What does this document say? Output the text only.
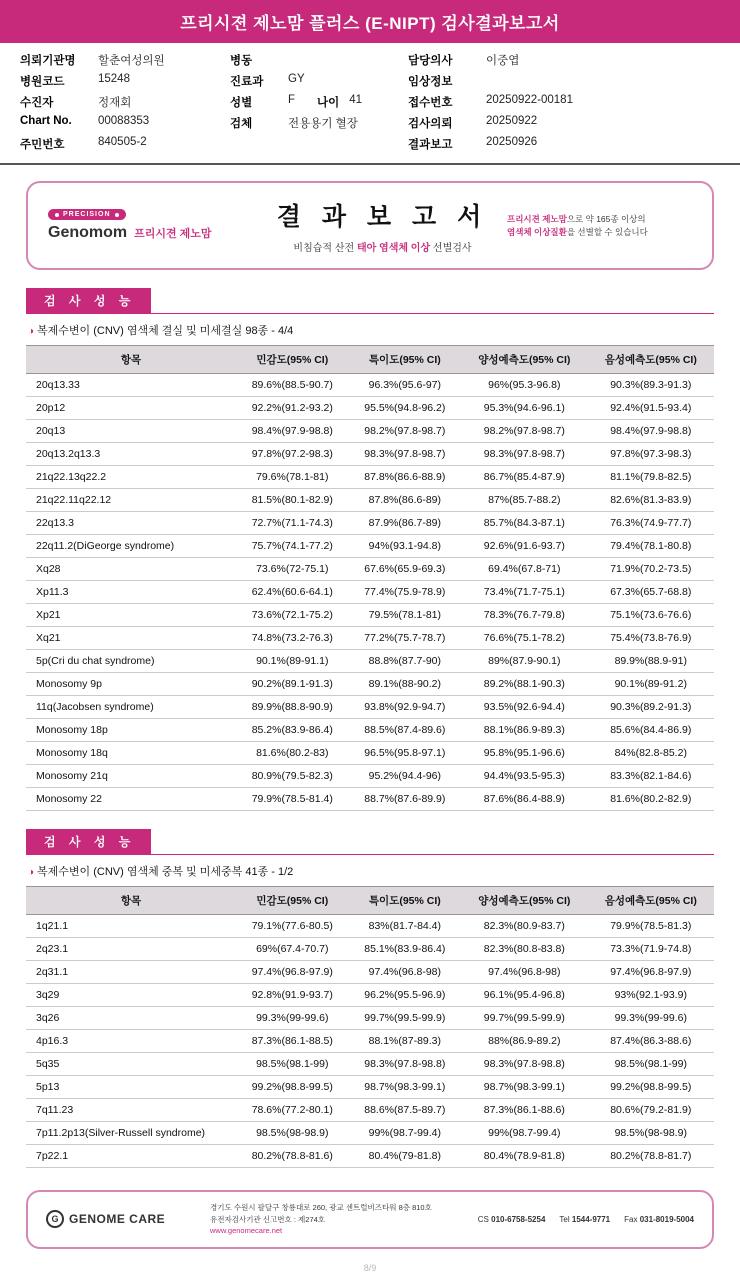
프리시젼 제노맘 플러스 (E-NIPT) 검사결과보고서
의뢰기관명	할춘여성의원	병동	담당의사	이중엽
병원코드	15248	진료과	GY	임상정보
수진자	정재회	성별	F 나이 41	접수번호	20250922-00181
Chart No.	00088353	검체	전용용기 혈장	검사의뢰	20250922
주민번호	840505-2	결과보고	20250926
PRECISION
Genomom 프리시젼 제노맘
결 과 보 고 서
비침습적 산전 태아 염색체 이상 선별검사
프리시젼 제노맘으로 약 165종 이상의
염색체 이상질환을 선별할 수 있습니다
검 사 성 능
◑ 복제수변이 (CNV) 염색체 결실 및 미세결실 98종 - 4/4
항목	민감도(95% CI)	특이도(95% CI)	양성예측도(95% CI)	음성예측도(95% CI)
20q13.33	89.6%(88.5-90.7)	96.3%(95.6-97)	96%(95.3-96.8)	90.3%(89.3-91.3)
20p12	92.2%(91.2-93.2)	95.5%(94.8-96.2)	95.3%(94.6-96.1)	92.4%(91.5-93.4)
20q13	98.4%(97.9-98.8)	98.2%(97.8-98.7)	98.2%(97.8-98.7)	98.4%(97.9-98.8)
20q13.2q13.3	97.8%(97.2-98.3)	98.3%(97.8-98.7)	98.3%(97.8-98.7)	97.8%(97.3-98.3)
21q22.13q22.2	79.6%(78.1-81)	87.8%(86.6-88.9)	86.7%(85.4-87.9)	81.1%(79.8-82.5)
21q22.11q22.12	81.5%(80.1-82.9)	87.8%(86.6-89)	87%(85.7-88.2)	82.6%(81.3-83.9)
22q13.3	72.7%(71.1-74.3)	87.9%(86.7-89)	85.7%(84.3-87.1)	76.3%(74.9-77.7)
22q11.2(DiGeorge syndrome)	75.7%(74.1-77.2)	94%(93.1-94.8)	92.6%(91.6-93.7)	79.4%(78.1-80.8)
Xq28	73.6%(72-75.1)	67.6%(65.9-69.3)	69.4%(67.8-71)	71.9%(70.2-73.5)
Xp11.3	62.4%(60.6-64.1)	77.4%(75.9-78.9)	73.4%(71.7-75.1)	67.3%(65.7-68.8)
Xp21	73.6%(72.1-75.2)	79.5%(78.1-81)	78.3%(76.7-79.8)	75.1%(73.6-76.6)
Xq21	74.8%(73.2-76.3)	77.2%(75.7-78.7)	76.6%(75.1-78.2)	75.4%(73.8-76.9)
5p(Cri du chat syndrome)	90.1%(89-91.1)	88.8%(87.7-90)	89%(87.9-90.1)	89.9%(88.9-91)
Monosomy 9p	90.2%(89.1-91.3)	89.1%(88-90.2)	89.2%(88.1-90.3)	90.1%(89-91.2)
11q(Jacobsen syndrome)	89.9%(88.8-90.9)	93.8%(92.9-94.7)	93.5%(92.6-94.4)	90.3%(89.2-91.3)
Monosomy 18p	85.2%(83.9-86.4)	88.5%(87.4-89.6)	88.1%(86.9-89.3)	85.6%(84.4-86.9)
Monosomy 18q	81.6%(80.2-83)	96.5%(95.8-97.1)	95.8%(95.1-96.6)	84%(82.8-85.2)
Monosomy 21q	80.9%(79.5-82.3)	95.2%(94.4-96)	94.4%(93.5-95.3)	83.3%(82.1-84.6)
Monosomy 22	79.9%(78.5-81.4)	88.7%(87.6-89.9)	87.6%(86.4-88.9)	81.6%(80.2-82.9)
검 사 성 능
◑ 복제수변이 (CNV) 염색체 중복 및 미세중복 41종 - 1/2
항목	민감도(95% CI)	특이도(95% CI)	양성예측도(95% CI)	음성예측도(95% CI)
1q21.1	79.1%(77.6-80.5)	83%(81.7-84.4)	82.3%(80.9-83.7)	79.9%(78.5-81.3)
2q23.1	69%(67.4-70.7)	85.1%(83.9-86.4)	82.3%(80.8-83.8)	73.3%(71.9-74.8)
2q31.1	97.4%(96.8-97.9)	97.4%(96.8-98)	97.4%(96.8-98)	97.4%(96.8-97.9)
3q29	92.8%(91.9-93.7)	96.2%(95.5-96.9)	96.1%(95.4-96.8)	93%(92.1-93.9)
3q26	99.3%(99-99.6)	99.7%(99.5-99.9)	99.7%(99.5-99.9)	99.3%(99-99.6)
4p16.3	87.3%(86.1-88.5)	88.1%(87-89.3)	88%(86.9-89.2)	87.4%(86.3-88.6)
5q35	98.5%(98.1-99)	98.3%(97.8-98.8)	98.3%(97.8-98.8)	98.5%(98.1-99)
5p13	99.2%(98.8-99.5)	98.7%(98.3-99.1)	98.7%(98.3-99.1)	99.2%(98.8-99.5)
7q11.23	78.6%(77.2-80.1)	88.6%(87.5-89.7)	87.3%(86.1-88.6)	80.6%(79.2-81.9)
7p11.2p13(Silver-Russell syndrome)	98.5%(98-98.9)	99%(98.7-99.4)	99%(98.7-99.4)	98.5%(98-98.9)
7p22.1	80.2%(78.8-81.6)	80.4%(79-81.8)	80.4%(78.9-81.8)	80.2%(78.8-81.7)
G GENOME CARE
경기도 수원시 팔달구 창룡대로 260, 광교 센트럴비즈타워 8층 810호
유전자검사기관 신고번호 : 제274호
www.genomecare.net
CS 010-6758-5254 Tel 1544-9771 Fax 031-8019-5004
8/9
